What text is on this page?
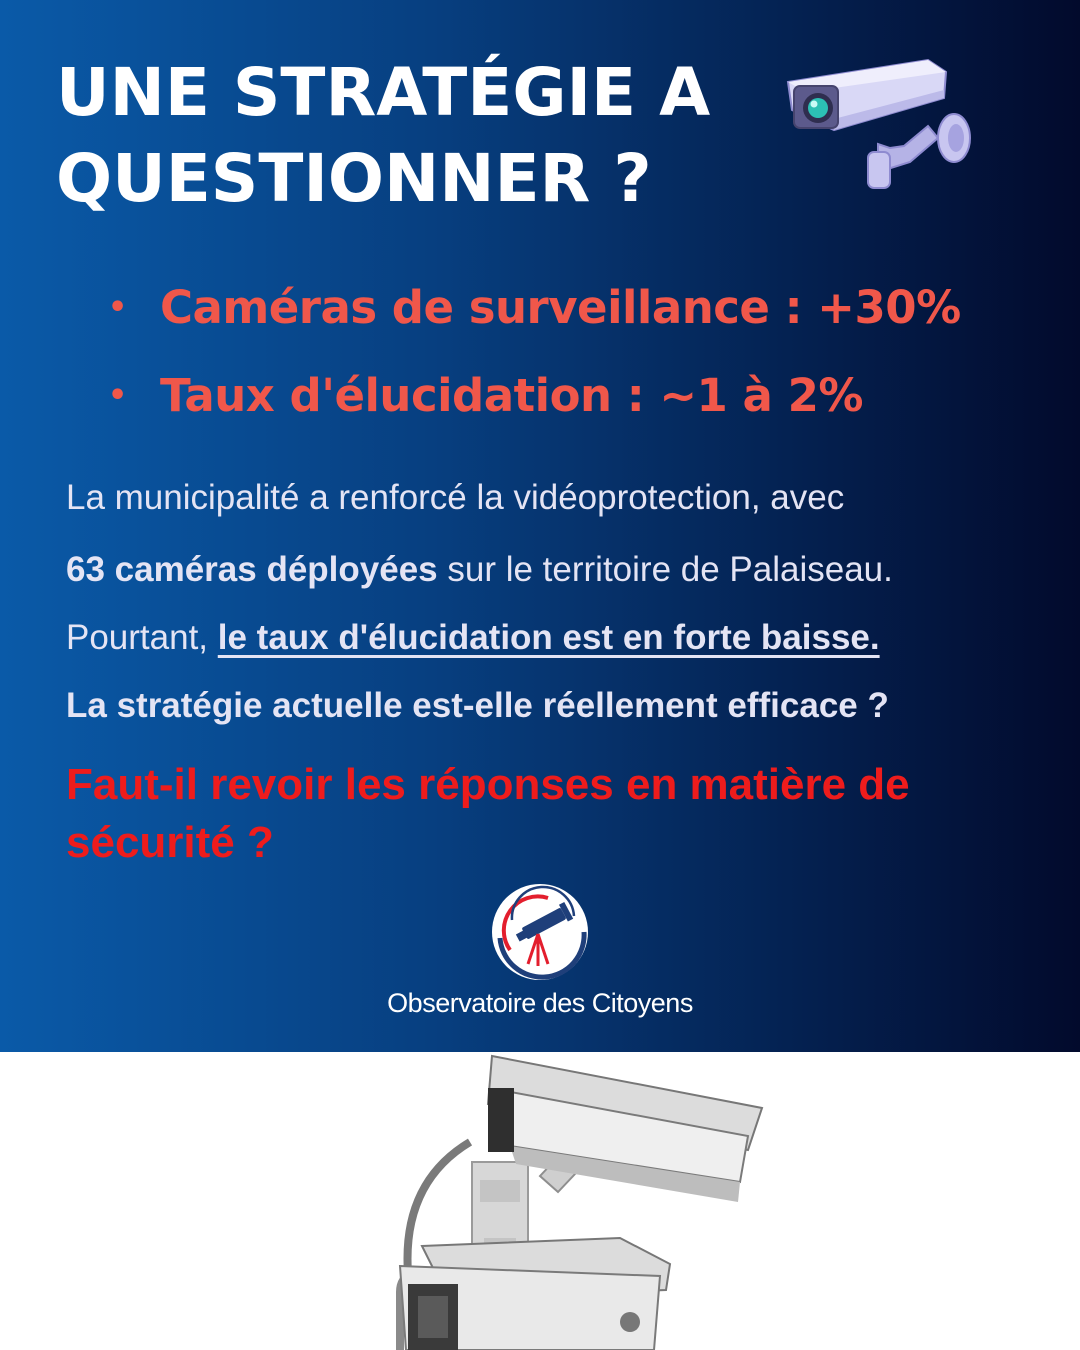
UNE STRATÉGIE A
QUESTIONNER ?
• Caméras de surveillance : +30%
• Taux d'élucidation : ~1 à 2%

La municipalité a renforcé la vidéoprotection, avec

63 caméras déployées sur le territoire de Palaiseau.

Pourtant, le taux d'élucidation est en forte baisse.

La stratégie actuelle est-elle réellement efficace ?

Faut-il revoir les réponses en matière de
sécurité ?
Observatoire des Citoyens
